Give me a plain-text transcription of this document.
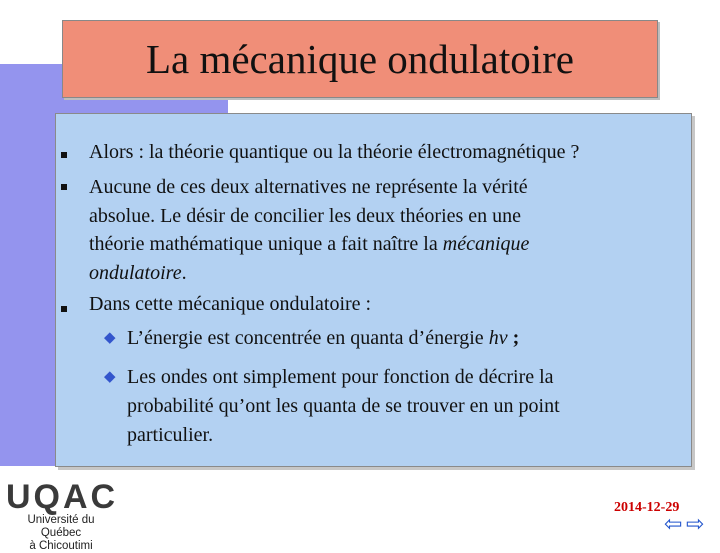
La mécanique ondulatoire
Alors : la théorie quantique ou la théorie électromagnétique ?
Aucune de ces deux alternatives ne représente la vérité
absolue. Le désir de concilier les deux théories en une
théorie mathématique unique a fait naître la mécanique
ondulatoire.
Dans cette mécanique ondulatoire :
◆ L’énergie est concentrée en quanta d’énergie hν ;
◆ Les ondes ont simplement pour fonction de décrire la
probabilité qu’ont les quanta de se trouver en un point
particulier.
UQAC
Université du Québec
à Chicoutimi
2014-12-29
⇦ ⇨
